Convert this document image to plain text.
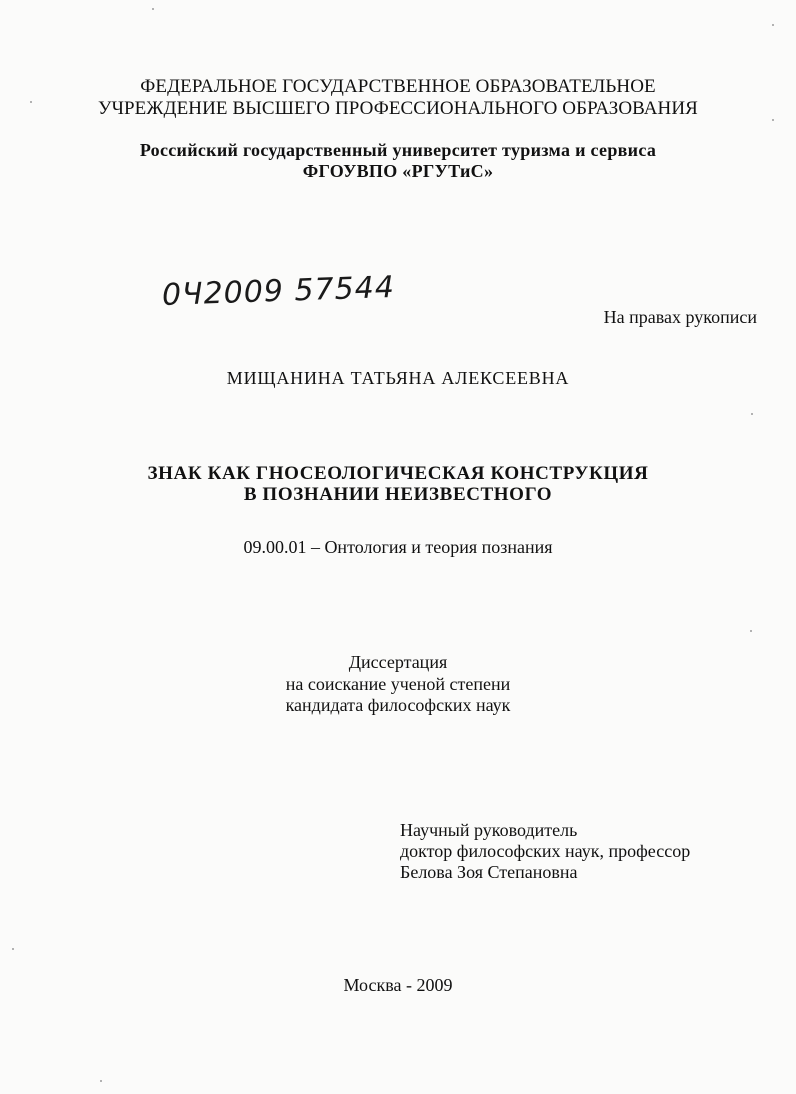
ФЕДЕРАЛЬНОЕ ГОСУДАРСТВЕННОЕ ОБРАЗОВАТЕЛЬНОЕ
УЧРЕЖДЕНИЕ ВЫСШЕГО ПРОФЕССИОНАЛЬНОГО ОБРАЗОВАНИЯ
Российский государственный университет туризма и сервиса
ФГОУВПО «РГУТиС»
0Ч2009 57544
На правах рукописи
МИЩАНИНА ТАТЬЯНА АЛЕКСЕЕВНА
ЗНАК КАК ГНОСЕОЛОГИЧЕСКАЯ КОНСТРУКЦИЯ
В ПОЗНАНИИ НЕИЗВЕСТНОГО
09.00.01 – Онтология и теория познания
Диссертация
на соискание ученой степени
кандидата философских наук
Научный руководитель
доктор философских наук, профессор
Белова Зоя Степановна
Москва - 2009
